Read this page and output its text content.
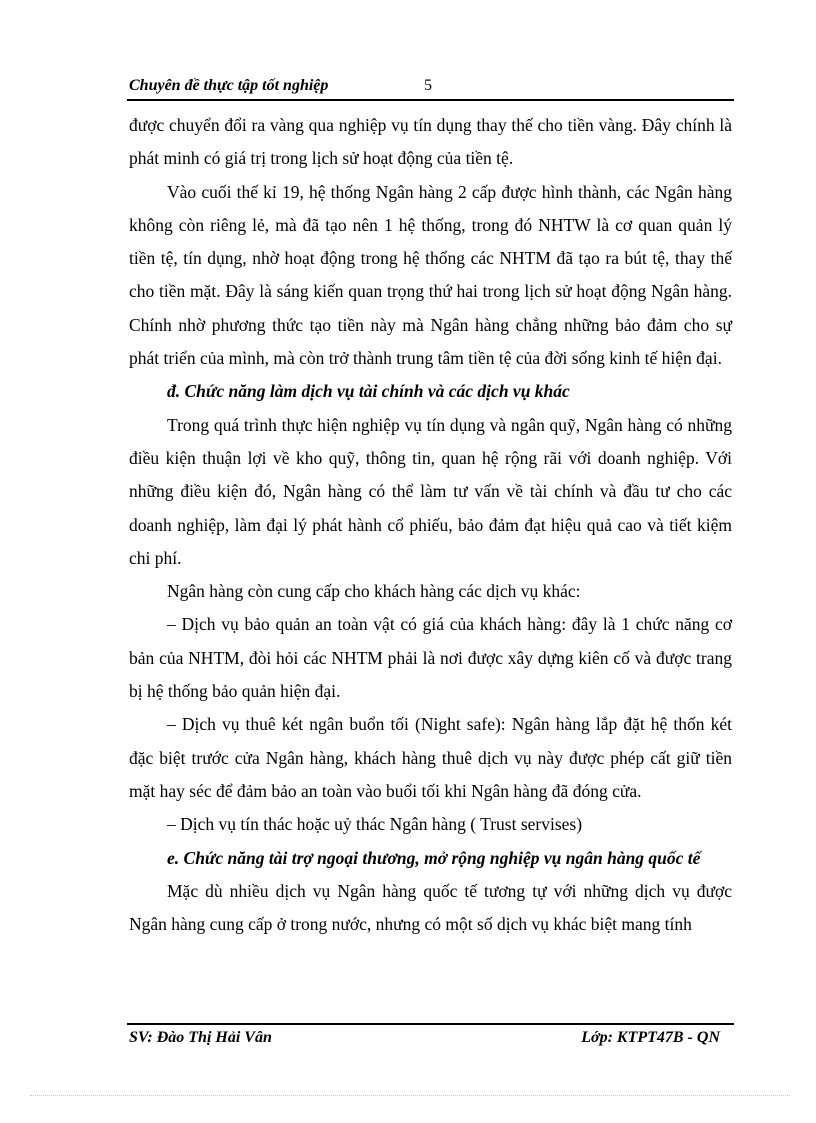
Chuyên đề thực tập tốt nghiệp	5

được chuyển đổi ra vàng qua nghiệp vụ tín dụng thay thế cho tiền vàng. Đây chính là phát minh có giá trị trong lịch sử hoạt động của tiền tệ.

Vào cuối thế kỉ 19, hệ thống Ngân hàng 2 cấp được hình thành, các Ngân hàng không còn riêng lẻ, mà đã tạo nên 1 hệ thống, trong đó NHTW là cơ quan quản lý tiền tệ, tín dụng, nhờ hoạt động trong hệ thống các NHTM đã tạo ra bút tệ, thay thế cho tiền mặt. Đây là sáng kiến quan trọng thứ hai trong lịch sử hoạt động Ngân hàng. Chính nhờ phương thức tạo tiền này mà Ngân hàng chẳng những bảo đảm cho sự phát triển của mình, mà còn trở thành trung tâm tiền tệ của đời sống kinh tế hiện đại.

đ. Chức năng làm dịch vụ tài chính và các dịch vụ khác

Trong quá trình thực hiện nghiệp vụ tín dụng và ngân quỹ, Ngân hàng có những điều kiện thuận lợi về kho quỹ, thông tin, quan hệ rộng rãi với doanh nghiệp. Với những điều kiện đó, Ngân hàng có thể làm tư vấn về tài chính và đầu tư cho các doanh nghiệp, làm đại lý phát hành cổ phiếu, bảo đảm đạt hiệu quả cao và tiết kiệm chi phí.

Ngân hàng còn cung cấp cho khách hàng các dịch vụ khác:

– Dịch vụ bảo quản an toàn vật có giá của khách hàng: đây là 1 chức năng cơ bản của NHTM, đòi hỏi các NHTM phải là nơi được xây dựng kiên cố và được trang bị hệ thống bảo quản hiện đại.

– Dịch vụ thuê két ngân buổn tối (Night safe): Ngân hàng lắp đặt hệ thốn két đặc biệt trước cửa Ngân hàng, khách hàng thuê dịch vụ này được phép cất giữ tiền mặt hay séc để đảm bảo an toàn vào buổi tối khi Ngân hàng đã đóng cửa.

– Dịch vụ tín thác hoặc uỷ thác Ngân hàng ( Trust servises)

e. Chức năng tài trợ ngoại thương, mở rộng nghiệp vụ ngân hàng quốc tế

Mặc dù nhiều dịch vụ Ngân hàng quốc tế tương tự với những dịch vụ được Ngân hàng cung cấp ở trong nước, nhưng có một số dịch vụ khác biệt mang tính

SV: Đào Thị Hải Vân	Lớp: KTPT47B - QN
